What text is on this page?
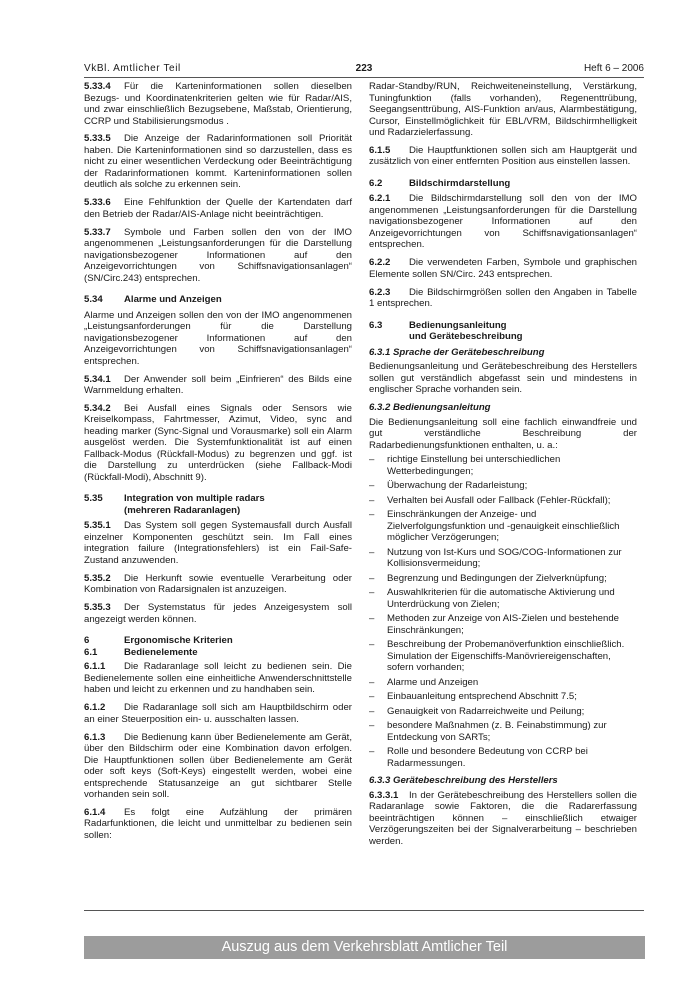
VkBl. Amtlicher Teil	223	Heft 6 – 2006

5.33.4 Für die Karteninformationen sollen dieselben Bezugs- und Koordinatenkriterien gelten wie für Radar/AIS, und zwar einschließlich Bezugsebene, Maßstab, Orientierung, CCRP und Stabilisierungsmodus .

5.33.5 Die Anzeige der Radarinformationen soll Priorität haben. Die Karteninformationen sind so darzustellen, dass es nicht zu einer wesentlichen Verdeckung oder Beeinträchtigung der Radarinformationen kommt. Karteninformationen sollen deutlich als solche zu erkennen sein.

5.33.6 Eine Fehlfunktion der Quelle der Kartendaten darf den Betrieb der Radar/AIS-Anlage nicht beeinträchtigen.

5.33.7 Symbole und Farben sollen den von der IMO angenommenen „Leistungsanforderungen für die Darstellung navigationsbezogener Informationen auf den Anzeigevorrichtungen von Schiffsnavigationsanlagen“ (SN/Circ.243) entsprechen.

5.34	Alarme und Anzeigen

Alarme und Anzeigen sollen den von der IMO angenommenen „Leistungsanforderungen für die Darstellung navigationsbezogener Informationen auf den Anzeigevorrichtungen von Schiffsnavigationsanlagen“ entsprechen.

5.34.1 Der Anwender soll beim „Einfrieren“ des Bilds eine Warnmeldung erhalten.

5.34.2 Bei Ausfall eines Signals oder Sensors wie Kreiselkompass, Fahrtmesser, Azimut, Video, sync and heading marker (Sync-Signal und Vorausmarke) soll ein Alarm ausgelöst werden. Die Systemfunktionalität ist auf einen Fallback-Modus (Rückfall-Modus) zu begrenzen und ggf. ist die Darstellung zu unterdrücken (siehe Fallback-Modi (Rückfall-Modi), Abschnitt 9).

5.35	Integration von multiple radars
(mehreren Radaranlagen)

5.35.1 Das System soll gegen Systemausfall durch Ausfall einzelner Komponenten geschützt sein. Im Fall eines integration failure (Integrationsfehlers) ist ein Fail-Safe-Zustand anzuwenden.

5.35.2 Die Herkunft sowie eventuelle Verarbeitung oder Kombination von Radarsignalen ist anzuzeigen.

5.35.3 Der Systemstatus für jedes Anzeigesystem soll angezeigt werden können.

6	Ergonomische Kriterien
6.1	Bedienelemente

6.1.1 Die Radaranlage soll leicht zu bedienen sein. Die Bedienelemente sollen eine einheitliche Anwenderschnittstelle haben und leicht zu erkennen und zu handhaben sein.

6.1.2 Die Radaranlage soll sich am Hauptbildschirm oder an einer Steuerposition ein- u. ausschalten lassen.

6.1.3 Die Bedienung kann über Bedienelemente am Gerät, über den Bildschirm oder eine Kombination davon erfolgen. Die Hauptfunktionen sollen über Bedienelemente am Gerät oder soft keys (Soft-Keys) eingestellt werden, wobei eine entsprechende Statusanzeige an gut sichtbarer Stelle vorhanden sein soll.

6.1.4 Es folgt eine Aufzählung der primären Radarfunktionen, die leicht und unmittelbar zu bedienen sein sollen:

Radar-Standby/RUN, Reichweiteneinstellung, Verstärkung, Tuningfunktion (falls vorhanden), Regenenttrübung, Seegangsenttrübung, AIS-Funktion an/aus, Alarmbestätigung, Cursor, Einstellmöglichkeit für EBL/VRM, Bildschirmhelligkeit und Radarzielerfassung.

6.1.5 Die Hauptfunktionen sollen sich am Hauptgerät und zusätzlich von einer entfernten Position aus einstellen lassen.

6.2	Bildschirmdarstellung

6.2.1 Die Bildschirmdarstellung soll den von der IMO angenommenen „Leistungsanforderungen für die Darstellung navigationsbezogener Informationen auf den Anzeigevorrichtungen von Schiffsnavigationsanlagen“ entsprechen.

6.2.2 Die verwendeten Farben, Symbole und graphischen Elemente sollen SN/Circ. 243 entsprechen.

6.2.3 Die Bildschirmgrößen sollen den Angaben in Tabelle 1 entsprechen.

6.3	Bedienungsanleitung
und Gerätebeschreibung
6.3.1 Sprache der Gerätebeschreibung

Bedienungsanleitung und Gerätebeschreibung des Herstellers sollen gut verständlich abgefasst sein und mindestens in englischer Sprache vorhanden sein.

6.3.2 Bedienungsanleitung

Die Bedienungsanleitung soll eine fachlich einwandfreie und gut verständliche Beschreibung der Radarbedienungsfunktionen enthalten, u. a.:

– richtige Einstellung bei unterschiedlichen Wetterbedingungen;
– Überwachung der Radarleistung;
– Verhalten bei Ausfall oder Fallback (Fehler-Rückfall);
– Einschränkungen der Anzeige- und Zielverfolgungsfunktion und -genauigkeit einschließlich möglicher Verzögerungen;
– Nutzung von Ist-Kurs und SOG/COG-Informationen zur Kollisionsvermeidung;
– Begrenzung und Bedingungen der Zielverknüpfung;
– Auswahlkriterien für die automatische Aktivierung und Unterdrückung von Zielen;
– Methoden zur Anzeige von AIS-Zielen und bestehende Einschränkungen;
– Beschreibung der Probemanöverfunktion einschließlich. Simulation der Eigenschiffs-Manövriereigenschaften, sofern vorhanden;
– Alarme und Anzeigen
– Einbauanleitung entsprechend Abschnitt 7.5;
– Genauigkeit von Radarreichweite und Peilung;
– besondere Maßnahmen (z. B. Feinabstimmung) zur Entdeckung von SARTs;
– Rolle und besondere Bedeutung von CCRP bei Radarmessungen.
6.3.3 Gerätebeschreibung des Herstellers

6.3.3.1 In der Gerätebeschreibung des Herstellers sollen die Radaranlage sowie Faktoren, die die Radarerfassung beeinträchtigen können – einschließlich etwaiger Verzögerungszeiten bei der Signalverarbeitung – beschrieben werden.

Auszug aus dem Verkehrsblatt Amtlicher Teil
